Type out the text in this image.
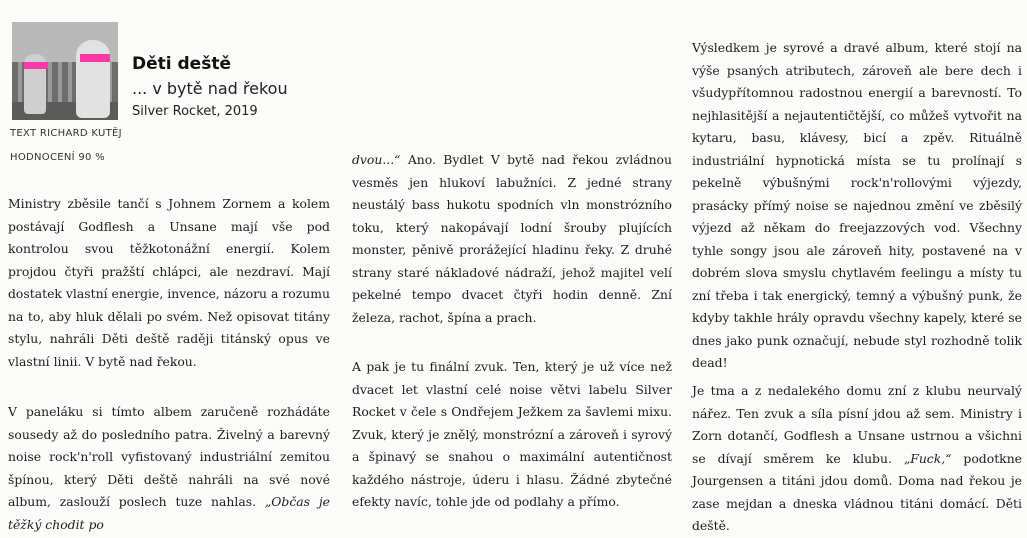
Děti deště
... v bytě nad řekou
Silver Rocket, 2019
TEXT RICHARD KUTĚJ
HODNOCENÍ 90 %

Ministry zběsile tančí s Johnem Zornem a kolem postávají Godflesh a Unsane mají vše pod kontrolou svou těžkotonážní energií. Kolem projdou čtyři pražští chlápci, ale nezdraví. Mají dostatek vlastní energie, invence, názoru a rozumu na to, aby hluk dělali po svém. Než opisovat titány stylu, nahráli Děti deště raději titánský opus ve vlastní linii. V bytě nad řekou.

V paneláku si tímto albem zaručeně rozhádáte sousedy až do posledního patra. Živelný a barevný noise rock'n'roll vyfistovaný industriální zemitou špínou, který Děti deště nahráli na své nové album, zaslouží poslech tuze nahlas. „Občas je těžký chodit po

dvou...“ Ano. Bydlet V bytě nad řekou zvládnou vesměs jen hlukoví labužníci. Z jedné strany neustálý bass hukotu spodních vln monstrózního toku, který nakopávají lodní šrouby plujících monster, pěnivě prorážející hladinu řeky. Z druhé strany staré nákladové nádraží, jehož majitel velí pekelné tempo dvacet čtyři hodin denně. Zní železa, rachot, špína a prach.

A pak je tu finální zvuk. Ten, který je už více než dvacet let vlastní celé noise větvi labelu Silver Rocket v čele s Ondřejem Ježkem za šavlemi mixu. Zvuk, který je znělý, monstrózní a zároveň i syrový a špinavý se snahou o maximální autentičnost každého nástroje, úderu i hlasu. Žádné zbytečné efekty navíc, tohle jde od podlahy a přímo.

Výsledkem je syrové a dravé album, které stojí na výše psaných atributech, zároveň ale bere dech i všudypřítomnou radostnou energií a barevností. To nejhlasitější a nejautentičtější, co můžeš vytvořit na kytaru, basu, klávesy, bicí a zpěv. Rituálně industriální hypnotická místa se tu prolínají s pekelně výbušnými rock'n'rollovými výjezdy, prasácky přímý noise se najednou změní ve zběsilý výjezd až někam do freejazzových vod. Všechny tyhle songy jsou ale zároveň hity, postavené na v dobrém slova smyslu chytlavém feelingu a místy tu zní třeba i tak energický, temný a výbušný punk, že kdyby takhle hrály opravdu všechny kapely, které se dnes jako punk označují, nebude styl rozhodně tolik dead!

Je tma a z nedalekého domu zní z klubu neurvalý nářez. Ten zvuk a síla písní jdou až sem. Ministry i Zorn dotančí, Godflesh a Unsane ustrnou a všichni se dívají směrem ke klubu. „Fuck,“ podotkne Jourgensen a titáni jdou domů. Doma nad řekou je zase mejdan a dneska vládnou titáni domácí. Děti deště.
